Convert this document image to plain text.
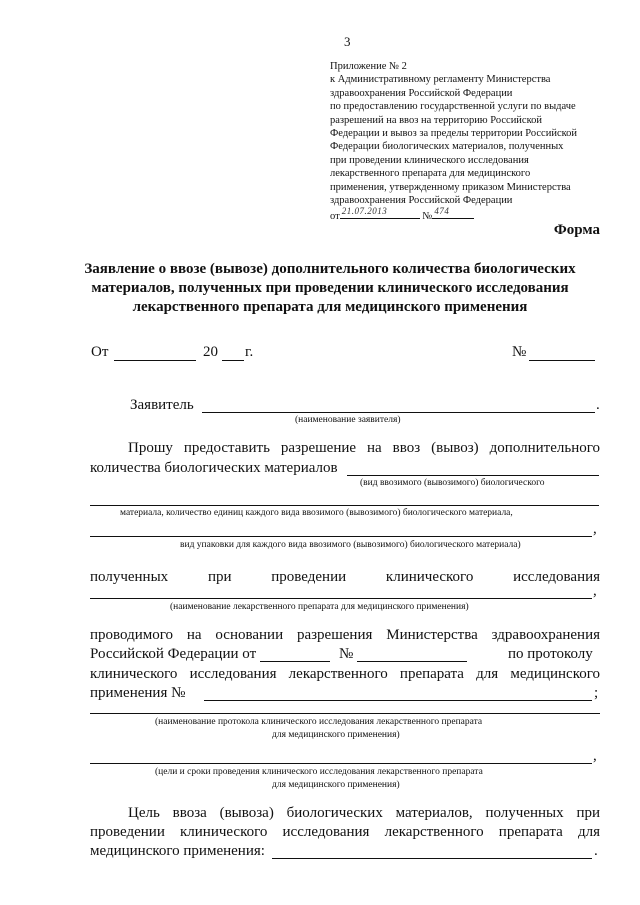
3
Приложение № 2
к Административному регламенту Министерства
здравоохранения Российской Федерации
по предоставлению государственной услуги по выдаче
разрешений на ввоз на территорию Российской
Федерации и вывоз за пределы территории Российской
Федерации биологических материалов, полученных
при проведении клинического исследования
лекарственного препарата для медицинского
применения, утвержденному приказом Министерства
здравоохранения Российской Федерации
от 21.07.2013	№ 474
Форма
Заявление о ввозе (вывозе) дополнительного количества биологических материалов, полученных при проведении клинического исследования лекарственного препарата для медицинского применения
От	20 г.	№
Заявитель	.
(наименование заявителя)
Прошу предоставить разрешение на ввоз (вывоз) дополнительного
количества биологических материалов
(вид ввозимого (вывозимого) биологического
материала, количество единиц каждого вида ввозимого (вывозимого) биологического материала,
,
вид упаковки для каждого вида ввозимого (вывозимого) биологического материала)
полученных	при	проведении	клинического	исследования
,
(наименование лекарственного препарата для медицинского применения)
проводимого на основании разрешения Министерства здравоохранения
Российской Федерации от	№	по протоколу
клинического исследования лекарственного препарата для медицинского
применения №	;
(наименование протокола клинического исследования лекарственного препарата
для медицинского применения)
,
(цели и сроки проведения клинического исследования лекарственного препарата
для медицинского применения)
Цель ввоза (вывоза) биологических материалов, полученных при
проведении клинического исследования лекарственного препарата для
медицинского применения:	.
